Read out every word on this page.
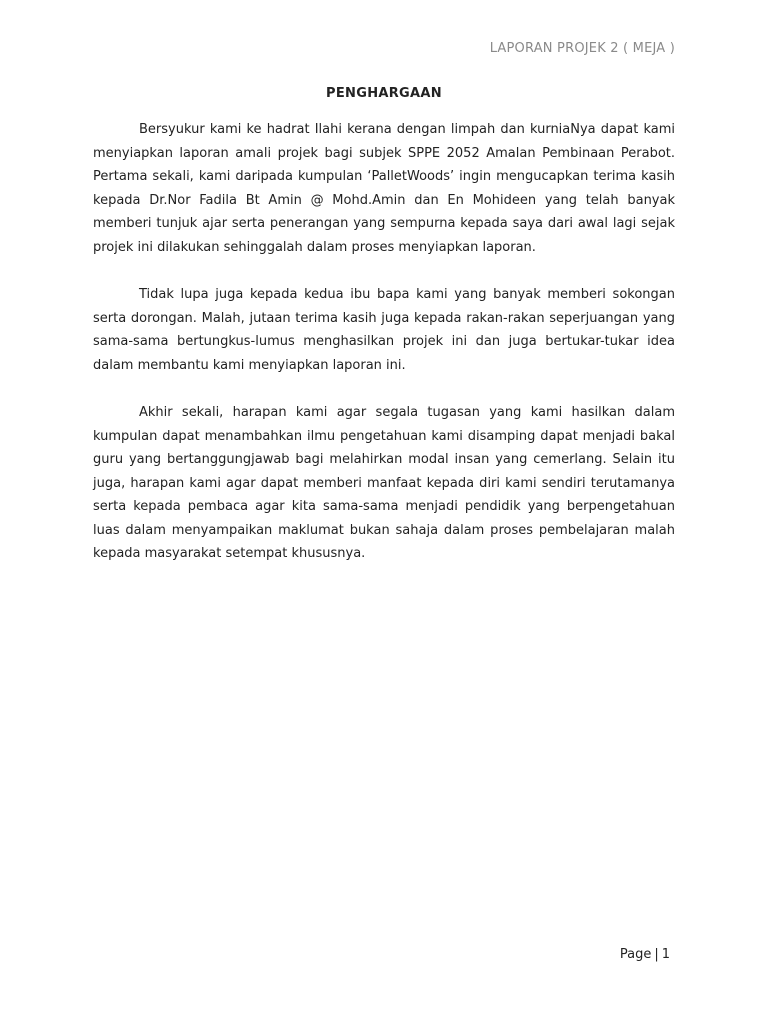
LAPORAN PROJEK 2 ( MEJA )
PENGHARGAAN

Bersyukur kami ke hadrat Ilahi kerana dengan limpah dan kurniaNya dapat kami menyiapkan laporan amali projek bagi subjek SPPE 2052 Amalan Pembinaan Perabot. Pertama sekali, kami daripada kumpulan ‘PalletWoods’ ingin mengucapkan terima kasih kepada Dr.Nor Fadila Bt Amin @ Mohd.Amin dan En Mohideen yang telah banyak memberi tunjuk ajar serta penerangan yang sempurna kepada saya dari awal lagi sejak projek ini dilakukan sehinggalah dalam proses menyiapkan laporan.

Tidak lupa juga kepada kedua ibu bapa kami yang banyak memberi sokongan serta dorongan. Malah, jutaan terima kasih juga kepada rakan-rakan seperjuangan yang sama-sama bertungkus-lumus menghasilkan projek ini dan juga bertukar-tukar idea dalam membantu kami menyiapkan laporan ini.

Akhir sekali, harapan kami agar segala tugasan yang kami hasilkan dalam kumpulan dapat menambahkan ilmu pengetahuan kami disamping dapat menjadi bakal guru yang bertanggungjawab bagi melahirkan modal insan yang cemerlang. Selain itu juga, harapan kami agar dapat memberi manfaat kepada diri kami sendiri terutamanya serta kepada pembaca agar kita sama-sama menjadi pendidik yang berpengetahuan luas dalam menyampaikan maklumat bukan sahaja dalam proses pembelajaran malah kepada masyarakat setempat khususnya.

Page | 1
